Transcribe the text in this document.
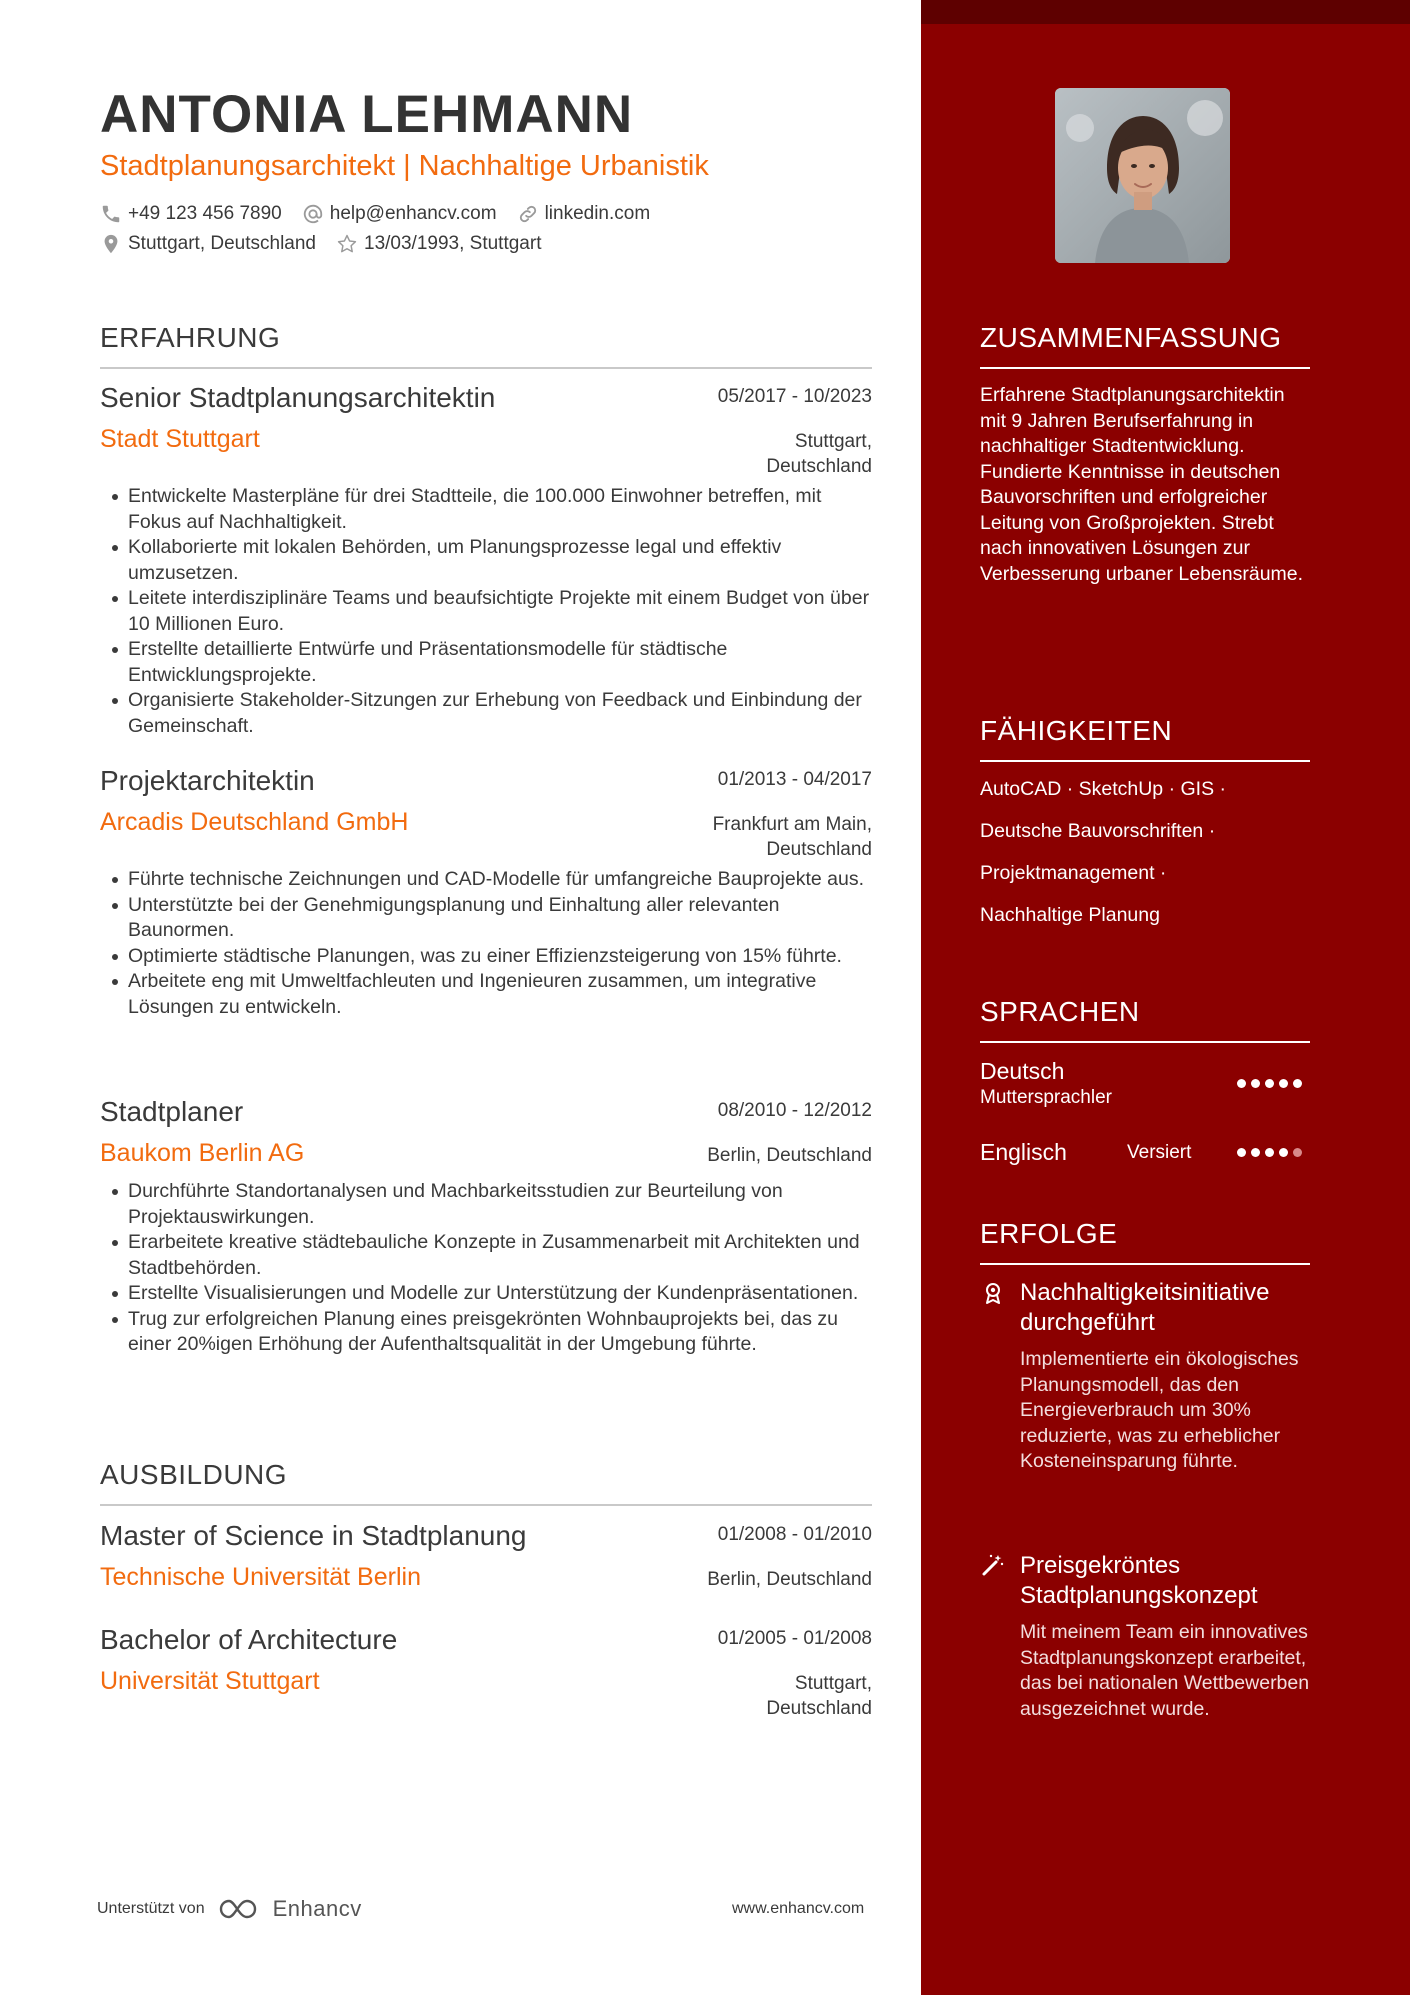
ANTONIA LEHMANN
Stadtplanungsarchitekt | Nachhaltige Urbanistik
+49 123 456 7890	help@enhancv.com	linkedin.com
Stuttgart, Deutschland	13/03/1993, Stuttgart
ERFAHRUNG
Senior Stadtplanungsarchitektin	05/2017 - 10/2023
Stadt Stuttgart	Stuttgart,
Deutschland
Entwickelte Masterpläne für drei Stadtteile, die 100.000 Einwohner betreffen, mit Fokus auf Nachhaltigkeit.
Kollaborierte mit lokalen Behörden, um Planungsprozesse legal und effektiv umzusetzen.
Leitete interdisziplinäre Teams und beaufsichtigte Projekte mit einem Budget von über 10 Millionen Euro.
Erstellte detaillierte Entwürfe und Präsentationsmodelle für städtische Entwicklungsprojekte.
Organisierte Stakeholder-Sitzungen zur Erhebung von Feedback und Einbindung der Gemeinschaft.
Projektarchitektin	01/2013 - 04/2017
Arcadis Deutschland GmbH	Frankfurt am Main,
Deutschland
Führte technische Zeichnungen und CAD-Modelle für umfangreiche Bauprojekte aus.
Unterstützte bei der Genehmigungsplanung und Einhaltung aller relevanten Baunormen.
Optimierte städtische Planungen, was zu einer Effizienzsteigerung von 15% führte.
Arbeitete eng mit Umweltfachleuten und Ingenieuren zusammen, um integrative Lösungen zu entwickeln.
Stadtplaner	08/2010 - 12/2012
Baukom Berlin AG	Berlin, Deutschland
Durchführte Standortanalysen und Machbarkeitsstudien zur Beurteilung von Projektauswirkungen.
Erarbeitete kreative städtebauliche Konzepte in Zusammenarbeit mit Architekten und Stadtbehörden.
Erstellte Visualisierungen und Modelle zur Unterstützung der Kundenpräsentationen.
Trug zur erfolgreichen Planung eines preisgekrönten Wohnbauprojekts bei, das zu einer 20%igen Erhöhung der Aufenthaltsqualität in der Umgebung führte.
AUSBILDUNG
Master of Science in Stadtplanung	01/2008 - 01/2010
Technische Universität Berlin	Berlin, Deutschland
Bachelor of Architecture	01/2005 - 01/2008
Universität Stuttgart	Stuttgart,
Deutschland
Unterstützt von	Enhancv	www.enhancv.com
ZUSAMMENFASSUNG
Erfahrene Stadtplanungsarchitektin mit 9 Jahren Berufserfahrung in nachhaltiger Stadtentwicklung. Fundierte Kenntnisse in deutschen Bauvorschriften und erfolgreicher Leitung von Großprojekten. Strebt nach innovativen Lösungen zur Verbesserung urbaner Lebensräume.
FÄHIGKEITEN
AutoCAD · SketchUp · GIS ·
Deutsche Bauvorschriften ·
Projektmanagement ·
Nachhaltige Planung
SPRACHEN
Deutsch
Muttersprachler
Englisch	Versiert
ERFOLGE
Nachhaltigkeitsinitiative durchgeführt
Implementierte ein ökologisches Planungsmodell, das den Energieverbrauch um 30% reduzierte, was zu erheblicher Kosteneinsparung führte.
Preisgekröntes Stadtplanungskonzept
Mit meinem Team ein innovatives Stadtplanungskonzept erarbeitet, das bei nationalen Wettbewerben ausgezeichnet wurde.
